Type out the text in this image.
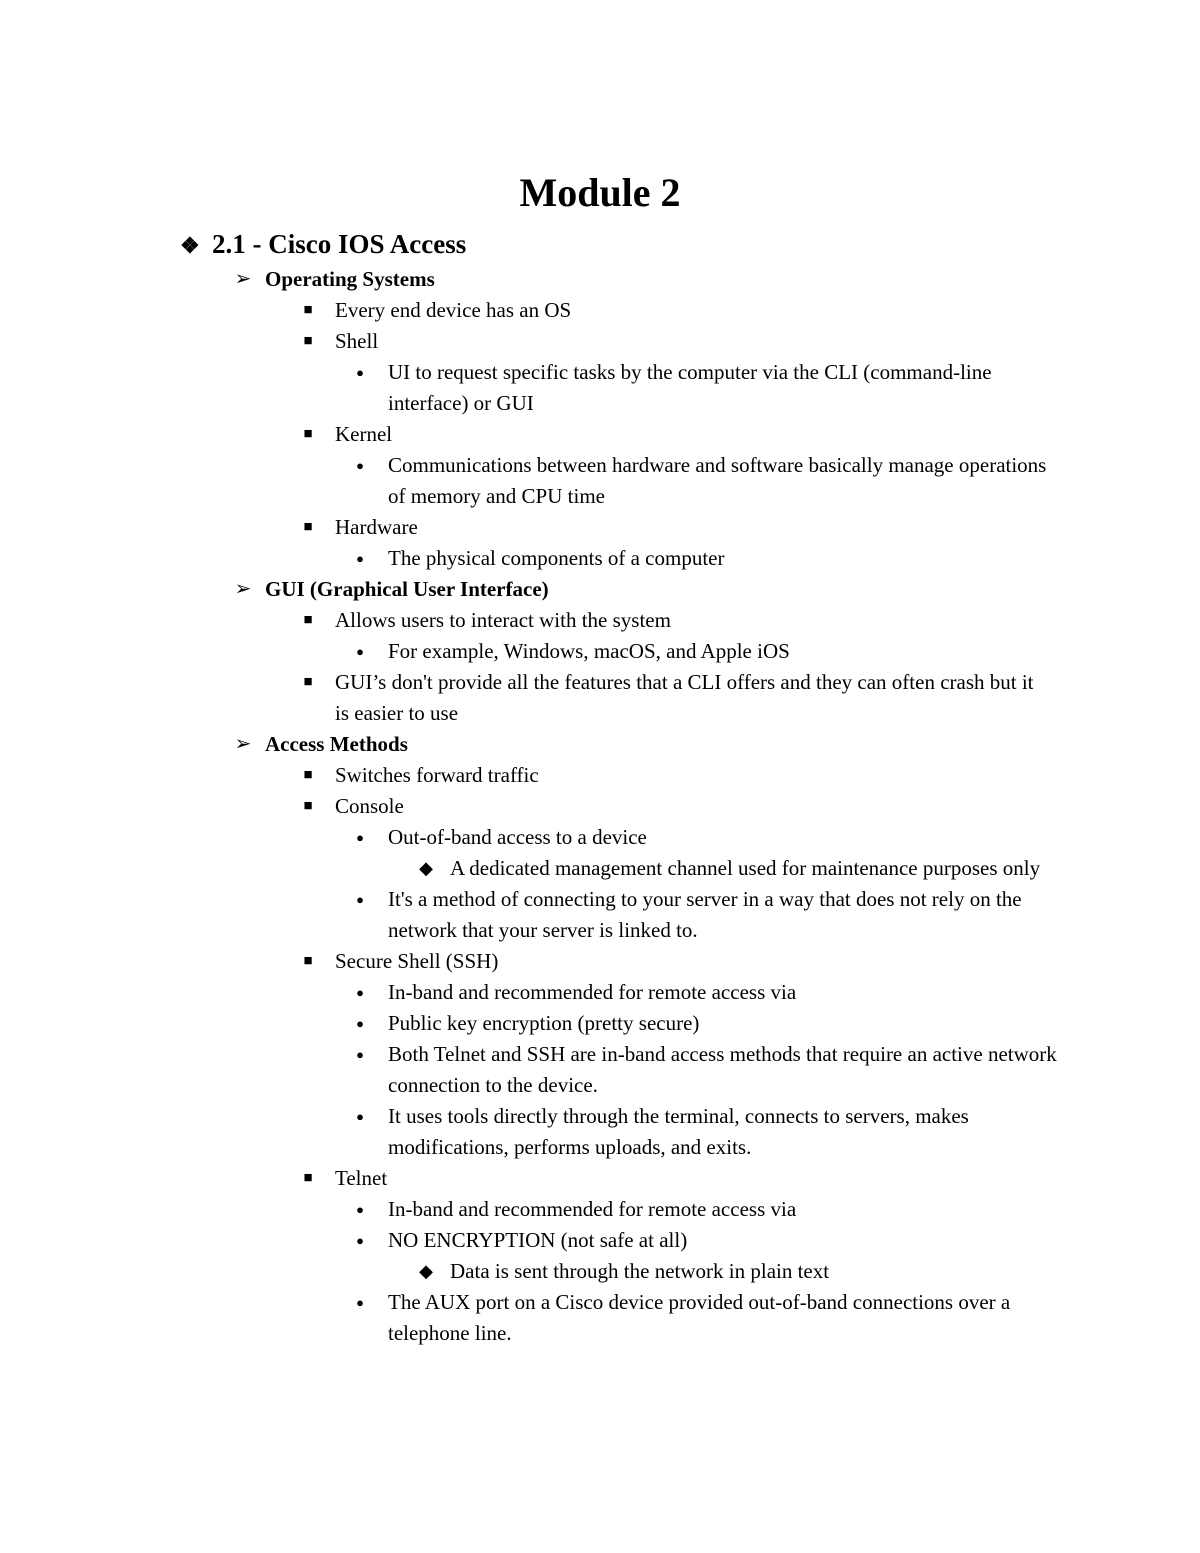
Module 2
❖ 2.1 - Cisco IOS Access
➢ Operating Systems
■ Every end device has an OS
■ Shell
● UI to request specific tasks by the computer via the CLI (command-line interface) or GUI
■ Kernel
● Communications between hardware and software basically manage operations of memory and CPU time
■ Hardware
● The physical components of a computer
➢ GUI (Graphical User Interface)
■ Allows users to interact with the system
● For example, Windows, macOS, and Apple iOS
■ GUI’s don't provide all the features that a CLI offers and they can often crash but it is easier to use
➢ Access Methods
■ Switches forward traffic
■ Console
● Out-of-band access to a device
◆ A dedicated management channel used for maintenance purposes only
● It's a method of connecting to your server in a way that does not rely on the network that your server is linked to.
■ Secure Shell (SSH)
● In-band and recommended for remote access via
● Public key encryption (pretty secure)
● Both Telnet and SSH are in-band access methods that require an active network connection to the device.
● It uses tools directly through the terminal, connects to servers, makes modifications, performs uploads, and exits.
■ Telnet
● In-band and recommended for remote access via
● NO ENCRYPTION (not safe at all)
◆ Data is sent through the network in plain text
● The AUX port on a Cisco device provided out-of-band connections over a telephone line.
